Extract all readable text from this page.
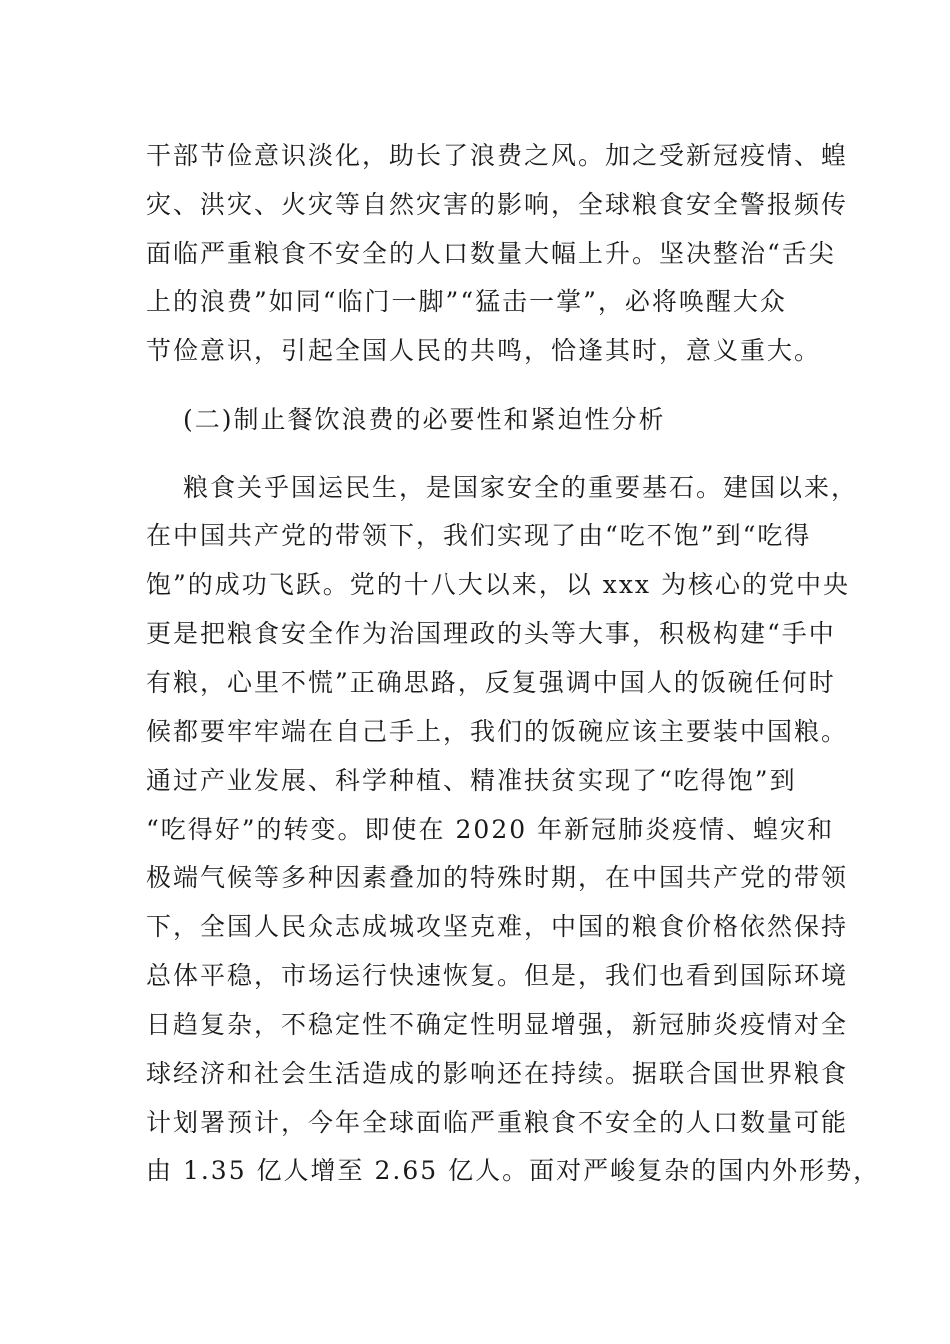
干部节俭意识淡化，助长了浪费之风。加之受新冠疫情、蝗
灾、洪灾、火灾等自然灾害的影响，全球粮食安全警报频传
面临严重粮食不安全的人口数量大幅上升。坚决整治“舌尖
上的浪费”如同“临门一脚”“猛击一掌”，必将唤醒大众
节俭意识，引起全国人民的共鸣，恰逢其时，意义重大。
(二)制止餐饮浪费的必要性和紧迫性分析
粮食关乎国运民生，是国家安全的重要基石。建国以来，
在中国共产党的带领下，我们实现了由“吃不饱”到“吃得
饱”的成功飞跃。党的十八大以来，以 xxx 为核心的党中央
更是把粮食安全作为治国理政的头等大事，积极构建“手中
有粮，心里不慌”正确思路，反复强调中国人的饭碗任何时
候都要牢牢端在自己手上，我们的饭碗应该主要装中国粮。
通过产业发展、科学种植、精准扶贫实现了“吃得饱”到
“吃得好”的转变。即使在 2020 年新冠肺炎疫情、蝗灾和
极端气候等多种因素叠加的特殊时期，在中国共产党的带领
下，全国人民众志成城攻坚克难，中国的粮食价格依然保持
总体平稳，市场运行快速恢复。但是，我们也看到国际环境
日趋复杂，不稳定性不确定性明显增强，新冠肺炎疫情对全
球经济和社会生活造成的影响还在持续。据联合国世界粮食
计划署预计，今年全球面临严重粮食不安全的人口数量可能
由 1.35 亿人增至 2.65 亿人。面对严峻复杂的国内外形势，
